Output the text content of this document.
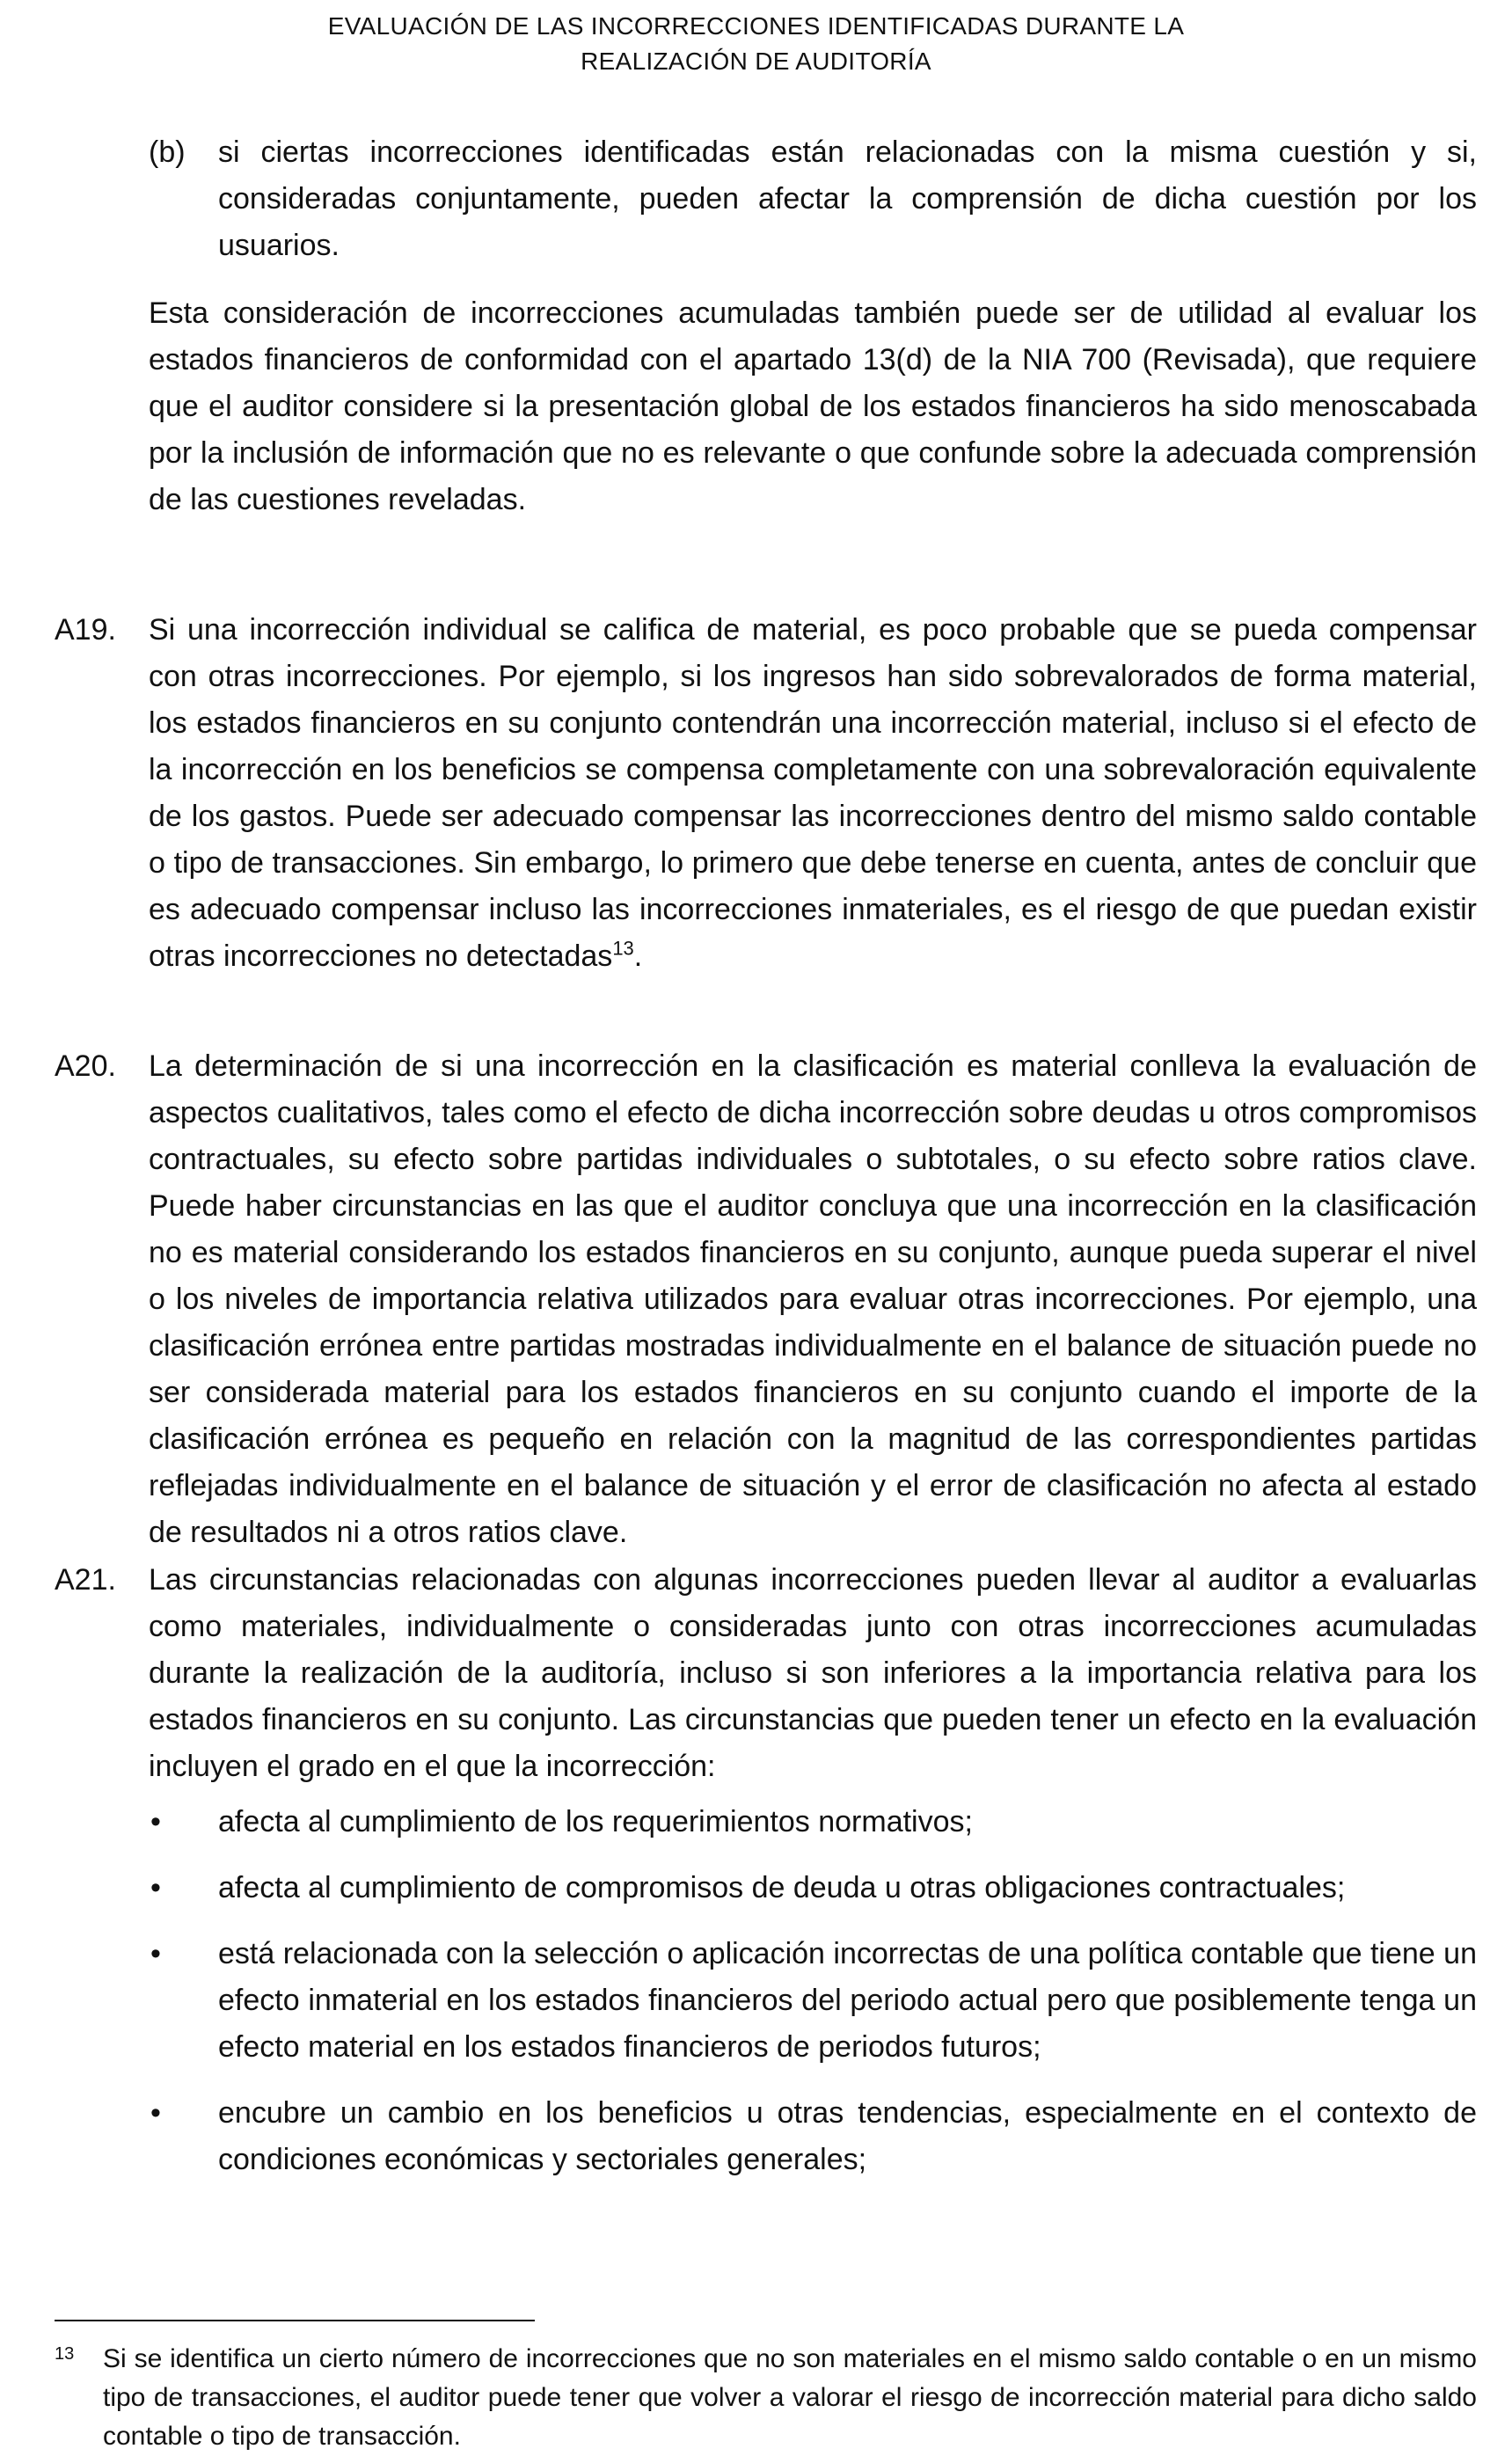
EVALUACIÓN DE LAS INCORRECCIONES IDENTIFICADAS DURANTE LA
REALIZACIÓN DE AUDITORÍA
(b) si ciertas incorrecciones identificadas están relacionadas con la misma cuestión y si, consideradas conjuntamente, pueden afectar la comprensión de dicha cuestión por los usuarios.
Esta consideración de incorrecciones acumuladas también puede ser de utilidad al evaluar los estados financieros de conformidad con el apartado 13(d) de la NIA 700 (Revisada), que requiere que el auditor considere si la presentación global de los estados financieros ha sido menoscabada por la inclusión de información que no es relevante o que confunde sobre la adecuada comprensión de las cuestiones reveladas.
A19. Si una incorrección individual se califica de material, es poco probable que se pueda compensar con otras incorrecciones. Por ejemplo, si los ingresos han sido sobrevalorados de forma material, los estados financieros en su conjunto contendrán una incorrección material, incluso si el efecto de la incorrección en los beneficios se compensa completamente con una sobrevaloración equivalente de los gastos. Puede ser adecuado compensar las incorrecciones dentro del mismo saldo contable o tipo de transacciones. Sin embargo, lo primero que debe tenerse en cuenta, antes de concluir que es adecuado compensar incluso las incorrecciones inmateriales, es el riesgo de que puedan existir otras incorrecciones no detectadas$^{13}$.
A20. La determinación de si una incorrección en la clasificación es material conlleva la evaluación de aspectos cualitativos, tales como el efecto de dicha incorrección sobre deudas u otros compromisos contractuales, su efecto sobre partidas individuales o subtotales, o su efecto sobre ratios clave. Puede haber circunstancias en las que el auditor concluya que una incorrección en la clasificación no es material considerando los estados financieros en su conjunto, aunque pueda superar el nivel o los niveles de importancia relativa utilizados para evaluar otras incorrecciones. Por ejemplo, una clasificación errónea entre partidas mostradas individualmente en el balance de situación puede no ser considerada material para los estados financieros en su conjunto cuando el importe de la clasificación errónea es pequeño en relación con la magnitud de las correspondientes partidas reflejadas individualmente en el balance de situación y el error de clasificación no afecta al estado de resultados ni a otros ratios clave.
A21. Las circunstancias relacionadas con algunas incorrecciones pueden llevar al auditor a evaluarlas como materiales, individualmente o consideradas junto con otras incorrecciones acumuladas durante la realización de la auditoría, incluso si son inferiores a la importancia relativa para los estados financieros en su conjunto. Las circunstancias que pueden tener un efecto en la evaluación incluyen el grado en el que la incorrección:
• afecta al cumplimiento de los requerimientos normativos;
• afecta al cumplimiento de compromisos de deuda u otras obligaciones contractuales;
• está relacionada con la selección o aplicación incorrectas de una política contable que tiene un efecto inmaterial en los estados financieros del periodo actual pero que posiblemente tenga un efecto material en los estados financieros de periodos futuros;
• encubre un cambio en los beneficios u otras tendencias, especialmente en el contexto de condiciones económicas y sectoriales generales;
13 Si se identifica un cierto número de incorrecciones que no son materiales en el mismo saldo contable o en un mismo tipo de transacciones, el auditor puede tener que volver a valorar el riesgo de incorrección material para dicho saldo contable o tipo de transacción.
